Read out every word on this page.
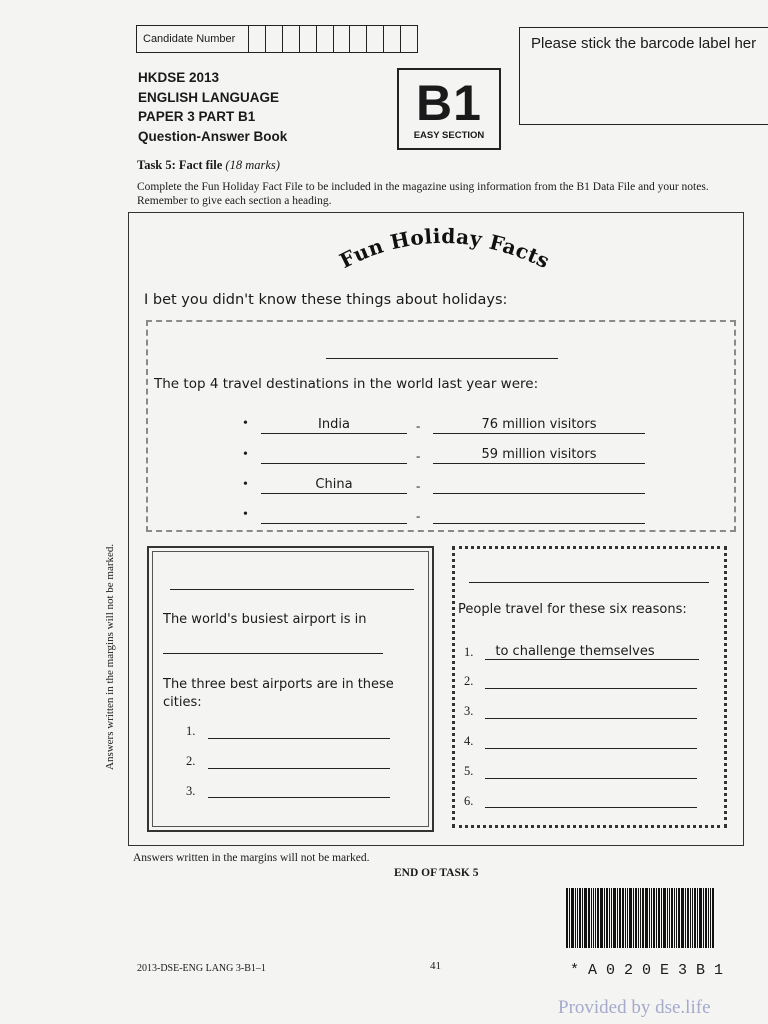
Candidate Number	Please stick the barcode label her
HKDSE 2013
ENGLISH LANGUAGE
PAPER 3 PART B1
Question-Answer Book
B1
EASY SECTION
Task 5: Fact file (18 marks)
Complete the Fun Holiday Fact File to be included in the magazine using information from the B1 Data File and your notes. Remember to give each section a heading.
Fun Holiday Facts
I bet you didn't know these things about holidays:
The top 4 travel destinations in the world last year were:
•	India	-	76 million visitors
•	-	59 million visitors
•	China	-
•	-
The world's busiest airport is in
The three best airports are in these cities:
1.
2.
3.
People travel for these six reasons:
1.	to challenge themselves
2.
3.
4.
5.
6.
Answers written in the margins will not be marked.
Answers written in the margins will not be marked.
END OF TASK 5
*A020E3B1
2013-DSE-ENG LANG 3-B1–1	41
Provided by dse.life
